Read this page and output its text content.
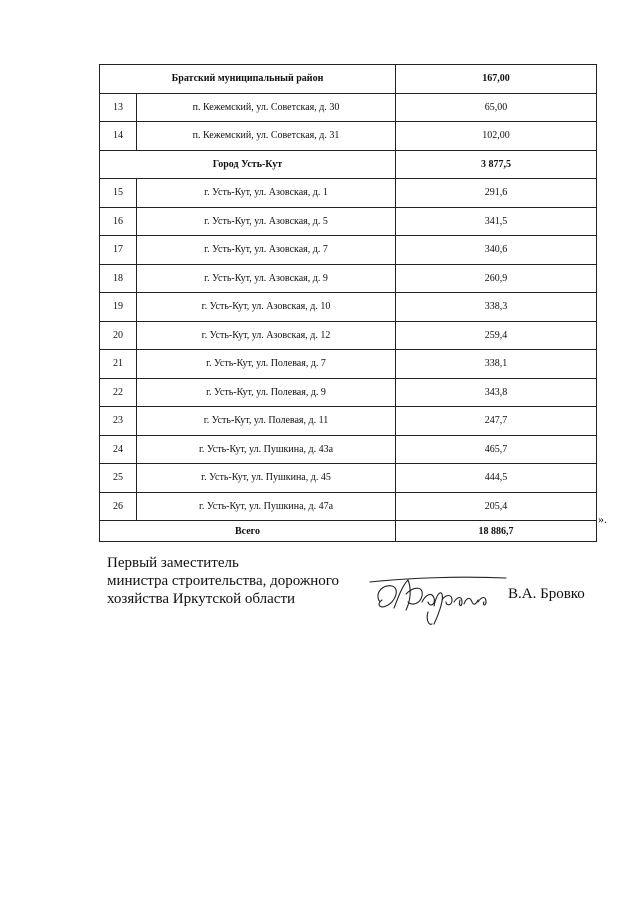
Братский муниципальный район		167,00
13	п. Кежемский, ул. Советская, д. 30	65,00
14	п. Кежемский, ул. Советская, д. 31	102,00
Город Усть-Кут		3 877,5
15	г. Усть-Кут, ул. Азовская, д. 1	291,6
16	г. Усть-Кут, ул. Азовская, д. 5	341,5
17	г. Усть-Кут, ул. Азовская, д. 7	340,6
18	г. Усть-Кут, ул. Азовская, д. 9	260,9
19	г. Усть-Кут, ул. Азовская, д. 10	338,3
20	г. Усть-Кут, ул. Азовская, д. 12	259,4
21	г. Усть-Кут, ул. Полевая, д. 7	338,1
22	г. Усть-Кут, ул. Полевая, д. 9	343,8
23	г. Усть-Кут, ул. Полевая, д. 11	247,7
24	г. Усть-Кут, ул. Пушкина, д. 43а	465,7
25	г. Усть-Кут, ул. Пушкина, д. 45	444,5
26	г. Усть-Кут, ул. Пушкина, д. 47а	205,4
Всего		18 886,7
».
Первый заместитель
министра строительства, дорожного
хозяйства Иркутской области	В.А. Бровко
